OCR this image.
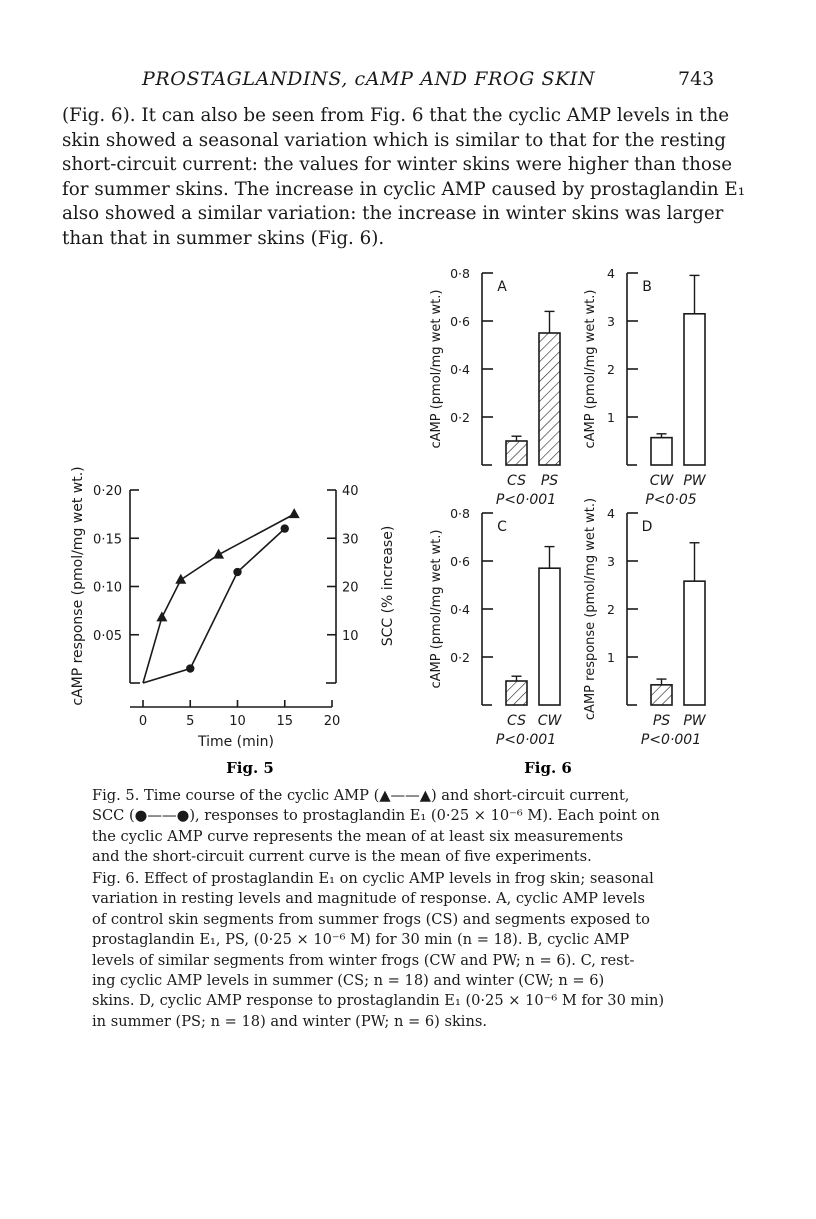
PROSTAGLANDINS, cAMP AND FROG SKIN	743
(Fig. 6). It can also be seen from Fig. 6 that the cyclic AMP levels in the
skin showed a seasonal variation which is similar to that for the resting
short-circuit current: the values for winter skins were higher than those
for summer skins. The increase in cyclic AMP caused by prostaglandin E₁
also showed a similar variation: the increase in winter skins was larger
than that in summer skins (Fig. 6).
Fig. 5	Fig. 6
0·20
0·15
0·10
0·05
40
30
20
10
0	5	10 15 20
Time (min)
cAMP response (pmol/mg wet wt.)	SCC (% increase)
0·8
0·6
0·4
0·2
A
cAMP (pmol/mg wet wt.)
CS PS
P<0·001
4
3
2
1
B
cAMP (pmol/mg wet wt.)
CW PW
P<0·05
0·8
0·6
0·4
0·2
C
cAMP (pmol/mg wet wt.)
CS CW
P<0·001
4
3
2
1
D
cAMP response (pmol/mg wet wt.)
PS PW
P<0·001
Fig. 5. Time course of the cyclic AMP (▲——▲) and short-circuit current,
SCC (●——●), responses to prostaglandin E₁ (0·25 × 10⁻⁶ M). Each point on
the cyclic AMP curve represents the mean of at least six measurements
and the short-circuit current curve is the mean of five experiments.
Fig. 6. Effect of prostaglandin E₁ on cyclic AMP levels in frog skin; seasonal
variation in resting levels and magnitude of response. A, cyclic AMP levels
of control skin segments from summer frogs (CS) and segments exposed to
prostaglandin E₁, PS, (0·25 × 10⁻⁶ M) for 30 min (n = 18). B, cyclic AMP
levels of similar segments from winter frogs (CW and PW; n = 6). C, rest-
ing cyclic AMP levels in summer (CS; n = 18) and winter (CW; n = 6)
skins. D, cyclic AMP response to prostaglandin E₁ (0·25 × 10⁻⁶ M for 30 min)
in summer (PS; n = 18) and winter (PW; n = 6) skins.
